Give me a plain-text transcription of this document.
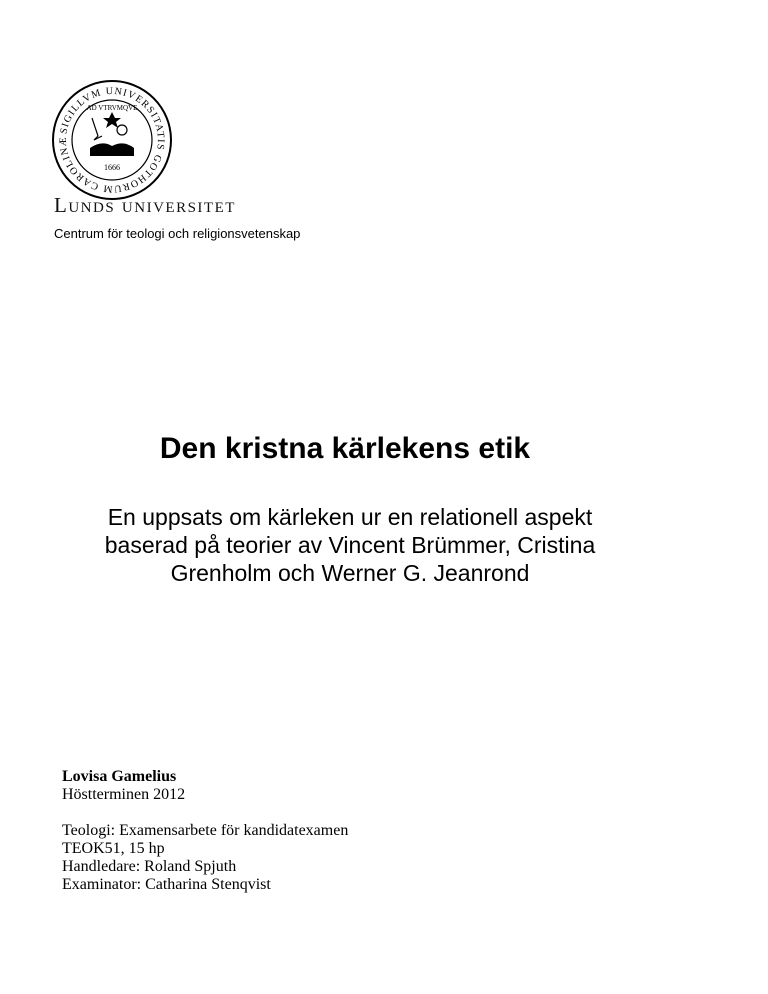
SIGILLVM UNIVERSITATIS GOTHORUM CAROLINÆ
AD VTRVMQVE
1666
Lunds universitet
Centrum för teologi och religionsvetenskap
Den kristna kärlekens etik
En uppsats om kärleken ur en relationell aspekt
baserad på teorier av Vincent Brümmer, Cristina
Grenholm och Werner G. Jeanrond
Lovisa Gamelius
Höstterminen 2012
Teologi: Examensarbete för kandidatexamen
TEOK51, 15 hp
Handledare: Roland Spjuth
Examinator: Catharina Stenqvist
